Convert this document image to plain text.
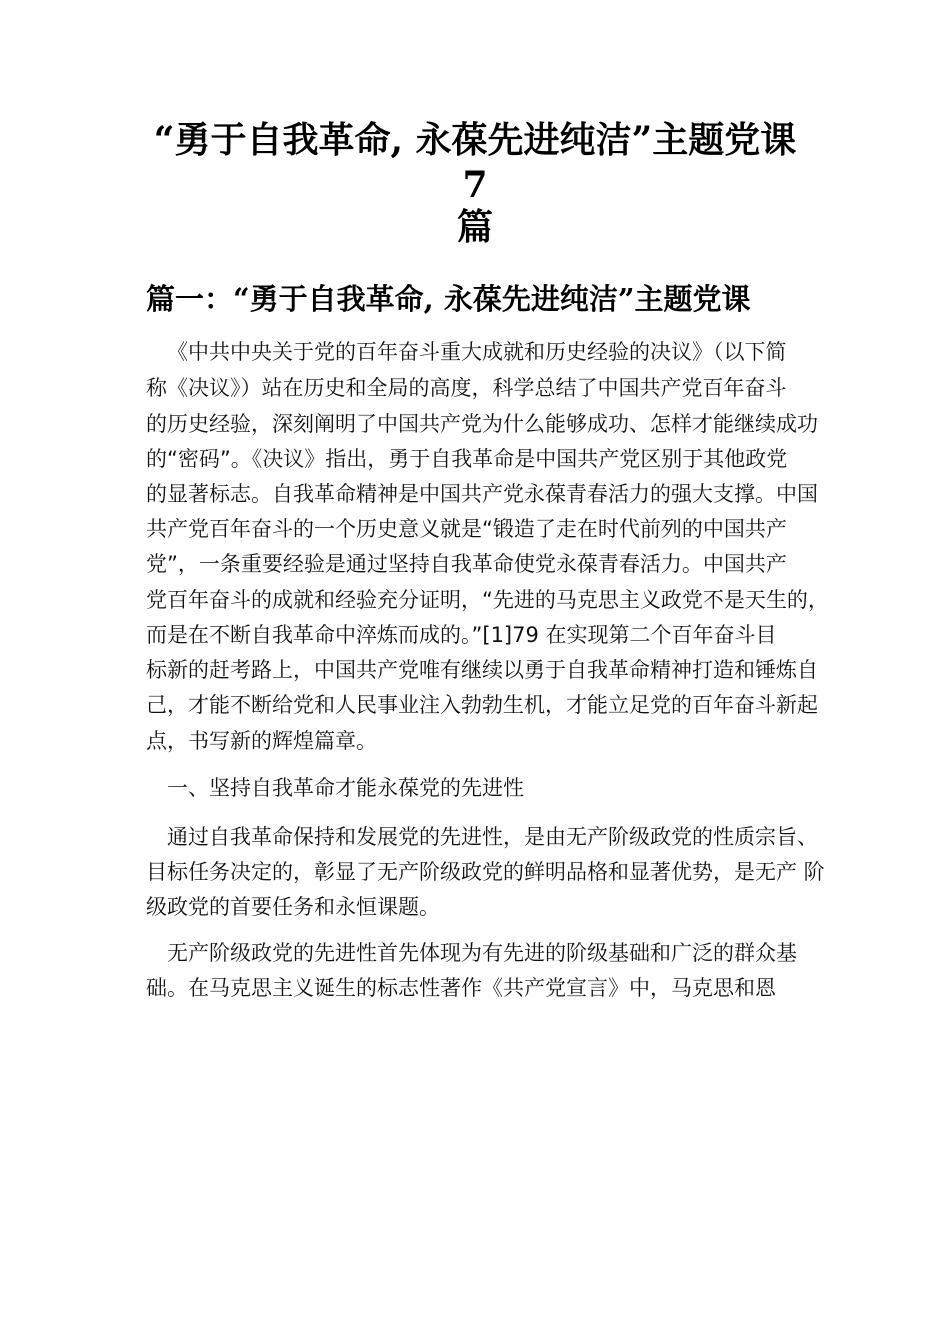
“勇于自我革命, 永葆先进纯洁”主题党课
7
篇
篇一：“勇于自我革命, 永葆先进纯洁”主题党课
《中共中央关于党的百年奋斗重大成就和历史经验的决议》（以下简
称《决议》）站在历史和全局的高度，科学总结了中国共产党百年奋斗
的历史经验，深刻阐明了中国共产党为什么能够成功、怎样才能继续成功
的“密码”。《决议》指出，勇于自我革命是中国共产党区别于其他政党
的显著标志。自我革命精神是中国共产党永葆青春活力的强大支撑。中国
共产党百年奋斗的一个历史意义就是“锻造了走在时代前列的中国共产
党”，一条重要经验是通过坚持自我革命使党永葆青春活力。中国共产
党百年奋斗的成就和经验充分证明，“先进的马克思主义政党不是天生的，
而是在不断自我革命中淬炼而成的。”[1]79 在实现第二个百年奋斗目
标新的赶考路上，中国共产党唯有继续以勇于自我革命精神打造和锤炼自
己，才能不断给党和人民事业注入勃勃生机，才能立足党的百年奋斗新起
点，书写新的辉煌篇章。
一、坚持自我革命才能永葆党的先进性
通过自我革命保持和发展党的先进性，是由无产阶级政党的性质宗旨、
目标任务决定的，彰显了无产阶级政党的鲜明品格和显著优势，是无产 阶
级政党的首要任务和永恒课题。
无产阶级政党的先进性首先体现为有先进的阶级基础和广泛的群众基
础。在马克思主义诞生的标志性著作《共产党宣言》中，马克思和恩
